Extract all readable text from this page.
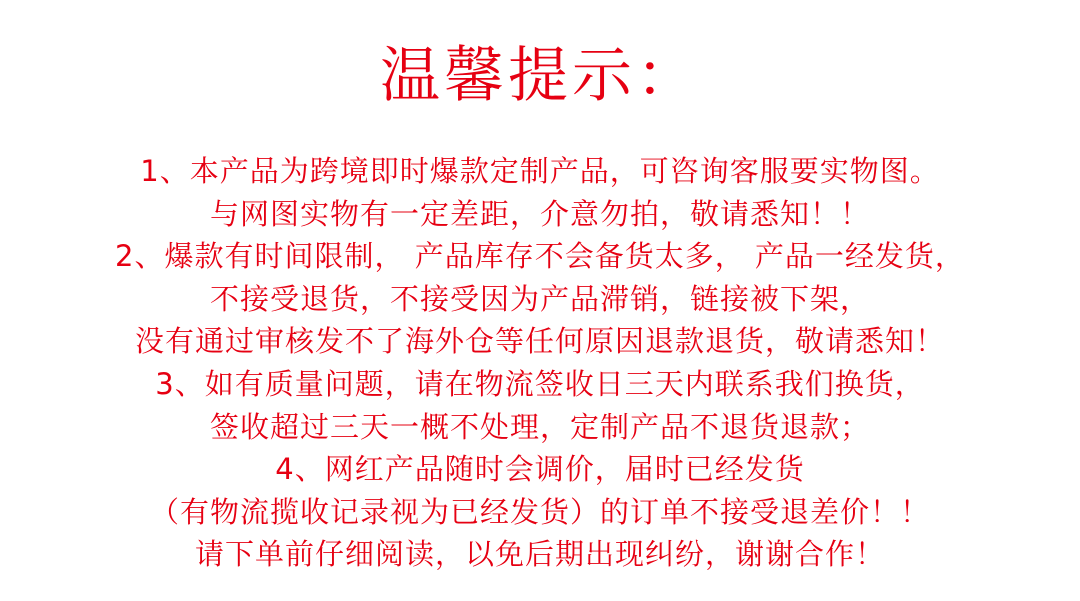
温馨提示：
1、本产品为跨境即时爆款定制产品，可咨询客服要实物图。
与网图实物有一定差距，介意勿拍，敬请悉知！！
2、爆款有时间限制， 产品库存不会备货太多， 产品一经发货，
不接受退货，不接受因为产品滞销，链接被下架，
没有通过审核发不了海外仓等任何原因退款退货，敬请悉知！
3、如有质量问题，请在物流签收日三天内联系我们换货，
签收超过三天一概不处理，定制产品不退货退款；
4、网红产品随时会调价，届时已经发货
（有物流揽收记录视为已经发货）的订单不接受退差价！！
请下单前仔细阅读，以免后期出现纠纷，谢谢合作！
